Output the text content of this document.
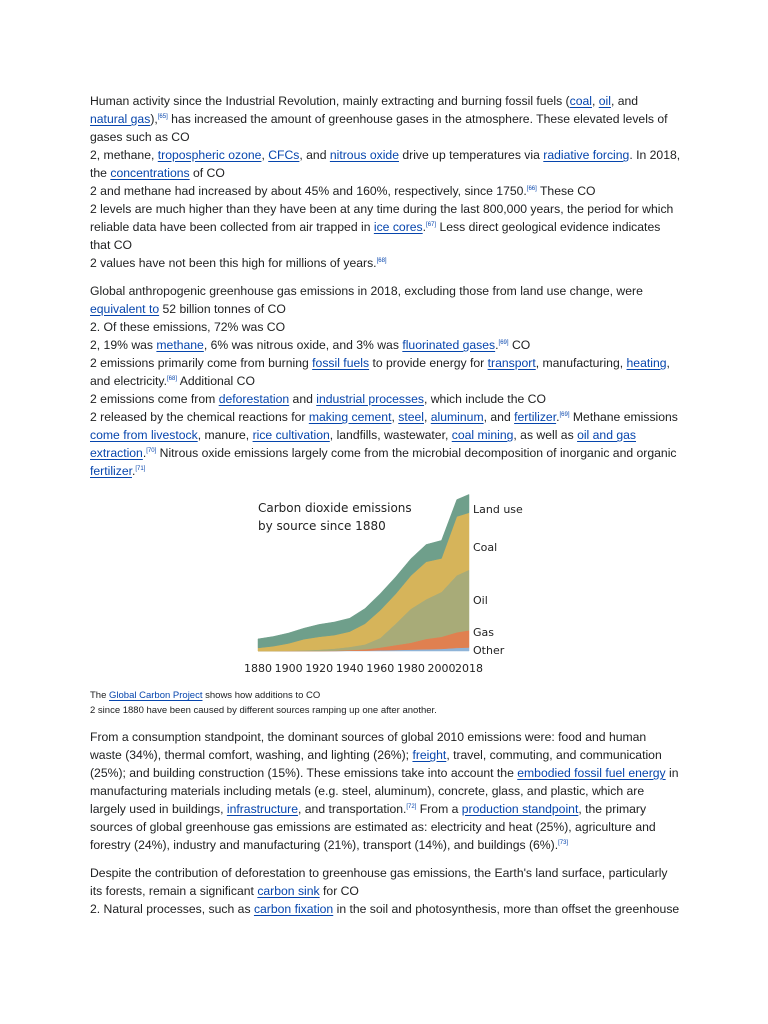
Human activity since the Industrial Revolution, mainly extracting and burning fossil fuels (coal, oil, and
natural gas),[65] has increased the amount of greenhouse gases in the atmosphere. These elevated levels of
gases such as CO
2, methane, tropospheric ozone, CFCs, and nitrous oxide drive up temperatures via radiative forcing. In 2018,
the concentrations of CO
2 and methane had increased by about 45% and 160%, respectively, since 1750.[66] These CO
2 levels are much higher than they have been at any time during the last 800,000 years, the period for which
reliable data have been collected from air trapped in ice cores.[67] Less direct geological evidence indicates
that CO
2 values have not been this high for millions of years.[68]

Global anthropogenic greenhouse gas emissions in 2018, excluding those from land use change, were
equivalent to 52 billion tonnes of CO
2. Of these emissions, 72% was CO
2, 19% was methane, 6% was nitrous oxide, and 3% was fluorinated gases.[69] CO
2 emissions primarily come from burning fossil fuels to provide energy for transport, manufacturing, heating,
and electricity.[68] Additional CO
2 emissions come from deforestation and industrial processes, which include the CO
2 released by the chemical reactions for making cement, steel, aluminum, and fertilizer.[69] Methane emissions
come from livestock, manure, rice cultivation, landfills, wastewater, coal mining, as well as oil and gas
extraction.[70] Nitrous oxide emissions largely come from the microbial decomposition of inorganic and organic
fertilizer.[71]

Carbon dioxide emissions
by source since 1880
Land use
Coal
Oil
Gas
Other
1880 1900 1920 1940 1960 1980 2000 2018
The Global Carbon Project shows how additions to CO
2 since 1880 have been caused by different sources ramping up one after another.

From a consumption standpoint, the dominant sources of global 2010 emissions were: food and human
waste (34%), thermal comfort, washing, and lighting (26%); freight, travel, commuting, and communication
(25%); and building construction (15%). These emissions take into account the embodied fossil fuel energy in
manufacturing materials including metals (e.g. steel, aluminum), concrete, glass, and plastic, which are
largely used in buildings, infrastructure, and transportation.[72] From a production standpoint, the primary
sources of global greenhouse gas emissions are estimated as: electricity and heat (25%), agriculture and
forestry (24%), industry and manufacturing (21%), transport (14%), and buildings (6%).[73]

Despite the contribution of deforestation to greenhouse gas emissions, the Earth's land surface, particularly
its forests, remain a significant carbon sink for CO
2. Natural processes, such as carbon fixation in the soil and photosynthesis, more than offset the greenhouse
